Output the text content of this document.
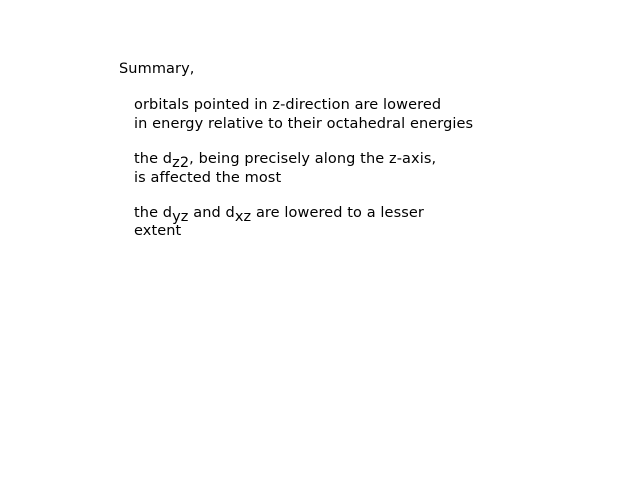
Summary,
orbitals pointed in z-direction are lowered
in energy relative to their octahedral energies
the dz2, being precisely along the z-axis,
is affected the most
the dyz and dxz are lowered to a lesser
extent
